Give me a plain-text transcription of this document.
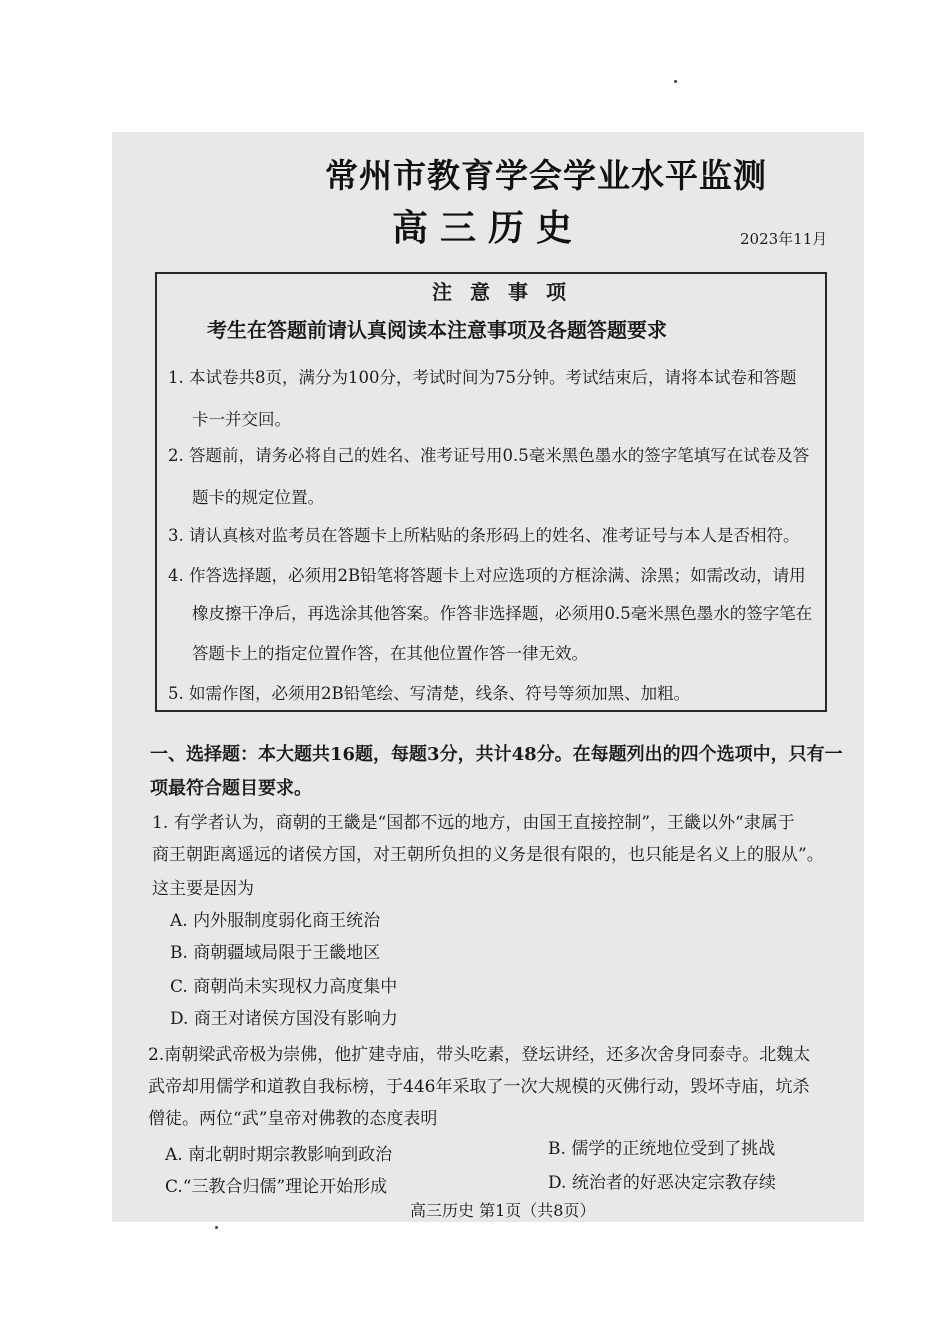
常州市教育学会学业水平监测
高三历史	2023年11月
注意事项
考生在答题前请认真阅读本注意事项及各题答题要求
1. 本试卷共8页，满分为100分，考试时间为75分钟。考试结束后，请将本试卷和答题
卡一并交回。
2. 答题前，请务必将自己的姓名、准考证号用0.5毫米黑色墨水的签字笔填写在试卷及答
题卡的规定位置。
3. 请认真核对监考员在答题卡上所粘贴的条形码上的姓名、准考证号与本人是否相符。
4. 作答选择题，必须用2B铅笔将答题卡上对应选项的方框涂满、涂黑；如需改动，请用
橡皮擦干净后，再选涂其他答案。作答非选择题，必须用0.5毫米黑色墨水的签字笔在
答题卡上的指定位置作答，在其他位置作答一律无效。
5. 如需作图，必须用2B铅笔绘、写清楚，线条、符号等须加黑、加粗。
一、选择题：本大题共16题，每题3分，共计48分。在每题列出的四个选项中，只有一
项最符合题目要求。
1. 有学者认为，商朝的王畿是“国都不远的地方，由国王直接控制”，王畿以外“隶属于
商王朝距离遥远的诸侯方国，对王朝所负担的义务是很有限的，也只能是名义上的服从”。
这主要是因为
A. 内外服制度弱化商王统治
B. 商朝疆域局限于王畿地区
C. 商朝尚未实现权力高度集中
D. 商王对诸侯方国没有影响力
2.南朝梁武帝极为崇佛，他扩建寺庙，带头吃素，登坛讲经，还多次舍身同泰寺。北魏太
武帝却用儒学和道教自我标榜，于446年采取了一次大规模的灭佛行动，毁坏寺庙，坑杀
僧徒。两位“武”皇帝对佛教的态度表明
A. 南北朝时期宗教影响到政治	B. 儒学的正统地位受到了挑战
C.“三教合归儒”理论开始形成	D. 统治者的好恶决定宗教存续
高三历史 第1页（共8页）
